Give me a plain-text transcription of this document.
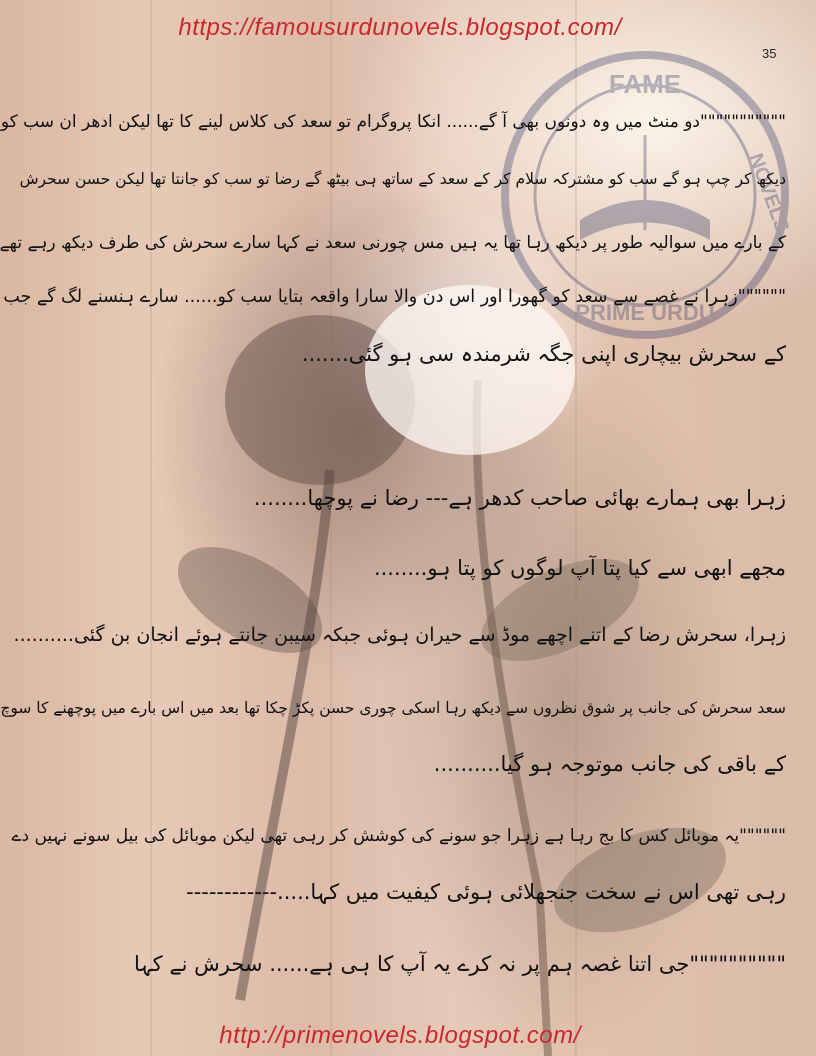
FAME
NOVELS
PRIME URDU
https://famousurdunovels.blogspot.com/
35
"""""""""""دو منٹ میں وہ دونوں بھی آ گے...... انکا پروگرام تو سعد کی کلاس لینے کا تھا لیکن ادھر ان سب کو
دیکھ کر چپ ہو گے سب کو مشترکہ سلام کر کے سعد کے ساتھ ہی بیٹھ گے رضا تو سب کو جانتا تھا لیکن حسن سحرش
کے بارے میں سوالیہ طور پر دیکھ رہا تھا یہ ہیں مس چورنی سعد نے کہا سارے سحرش کی طرف دیکھ رہے تھے
""""""زہرا نے غصے سے سعد کو گھورا اور اس دن والا سارا واقعہ بتایا سب کو...... سارے ہنسنے لگ گے جب
کے سحرش بیچاری اپنی جگہ شرمندہ سی ہو گئی.......
زہرا بھی ہمارے بھائی صاحب کدھر ہے--- رضا نے پوچھا........
مجھے ابھی سے کیا پتا آپ لوگوں کو پتا ہو........
زہرا، سحرش رضا کے اتنے اچھے موڈ سے حیران ہوئی جبکہ سیبن جانتے ہوئے انجان بن گئی..........
سعد سحرش کی جانب پر شوق نظروں سے دیکھ رہا اسکی چوری حسن پکڑ چکا تھا بعد میں اس بارے میں پوچھنے کا سوچ
کے باقی کی جانب موتوجہ ہو گیا..........
""""""یہ موبائل کس کا بج رہا ہے زہرا جو سونے کی کوشش کر رہی تھی لیکن موبائل کی بیل سونے نہیں دے
رہی تھی اس نے سخت جنجھلائی ہوئی کیفیت میں کہا.....------------
""""""""""جی اتنا غصہ ہم پر نہ کرے یہ آپ کا ہی ہے...... سحرش نے کہا
http://primenovels.blogspot.com/
